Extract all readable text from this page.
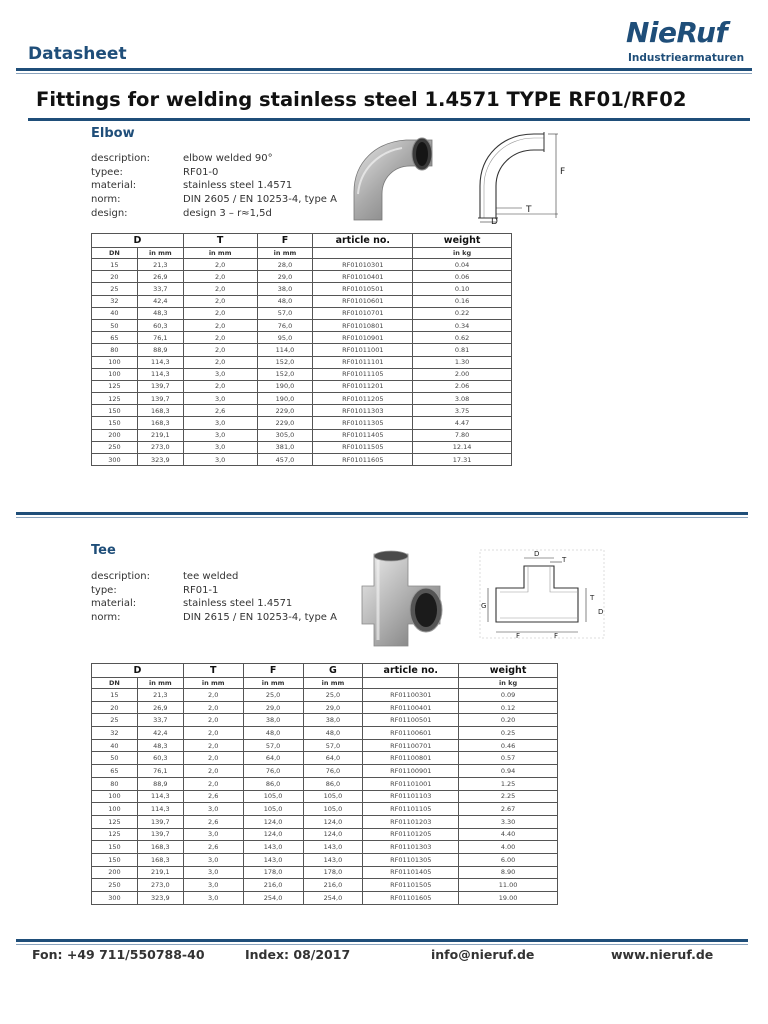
Datasheet
NieRuf
Industriearmaturen
Fittings for welding stainless steel 1.4571 TYPE RF01/RF02
Elbow
description:	elbow welded 90°
typee:	RF01-0
material:	stainless steel 1.4571
norm:	DIN 2605 / EN 10253-4, type A
design:	design 3 – r≈1,5d
F
T
D
D		T	F	article no.	weight
DN	in mm	in mm	in mm		in kg
15	21,3	2,0	28,0	RF01010301	0.04
20	26,9	2,0	29,0	RF01010401	0.06
25	33,7	2,0	38,0	RF01010501	0.10
32	42,4	2,0	48,0	RF01010601	0.16
40	48,3	2,0	57,0	RF01010701	0.22
50	60,3	2,0	76,0	RF01010801	0.34
65	76,1	2,0	95,0	RF01010901	0.62
80	88,9	2,0	114,0	RF01011001	0.81
100	114,3	2,0	152,0	RF01011101	1.30
100	114,3	3,0	152,0	RF01011105	2.00
125	139,7	2,0	190,0	RF01011201	2.06
125	139,7	3,0	190,0	RF01011205	3.08
150	168,3	2,6	229,0	RF01011303	3.75
150	168,3	3,0	229,0	RF01011305	4.47
200	219,1	3,0	305,0	RF01011405	7.80
250	273,0	3,0	381,0	RF01011505	12.14
300	323,9	3,0	457,0	RF01011605	17.31
Tee
description:	tee welded
type:	RF01-1
material:	stainless steel 1.4571
norm:	DIN 2615 / EN 10253-4, type A
D
T
G
T
D
F	F
D		T	F	G	article no.	weight
DN	in mm	in mm	in mm	in mm		in kg
15	21,3	2,0	25,0	25,0	RF01100301	0.09
20	26,9	2,0	29,0	29,0	RF01100401	0.12
25	33,7	2,0	38,0	38,0	RF01100501	0.20
32	42,4	2,0	48,0	48,0	RF01100601	0.25
40	48,3	2,0	57,0	57,0	RF01100701	0.46
50	60,3	2,0	64,0	64,0	RF01100801	0.57
65	76,1	2,0	76,0	76,0	RF01100901	0.94
80	88,9	2,0	86,0	86,0	RF01101001	1.25
100	114,3	2,6	105,0	105,0	RF01101103	2.25
100	114,3	3,0	105,0	105,0	RF01101105	2.67
125	139,7	2,6	124,0	124,0	RF01101203	3.30
125	139,7	3,0	124,0	124,0	RF01101205	4.40
150	168,3	2,6	143,0	143,0	RF01101303	4.00
150	168,3	3,0	143,0	143,0	RF01101305	6.00
200	219,1	3,0	178,0	178,0	RF01101405	8.90
250	273,0	3,0	216,0	216,0	RF01101505	11.00
300	323,9	3,0	254,0	254,0	RF01101605	19.00
Fon: +49 711/550788-40	Index: 08/2017	info@nieruf.de	www.nieruf.de
